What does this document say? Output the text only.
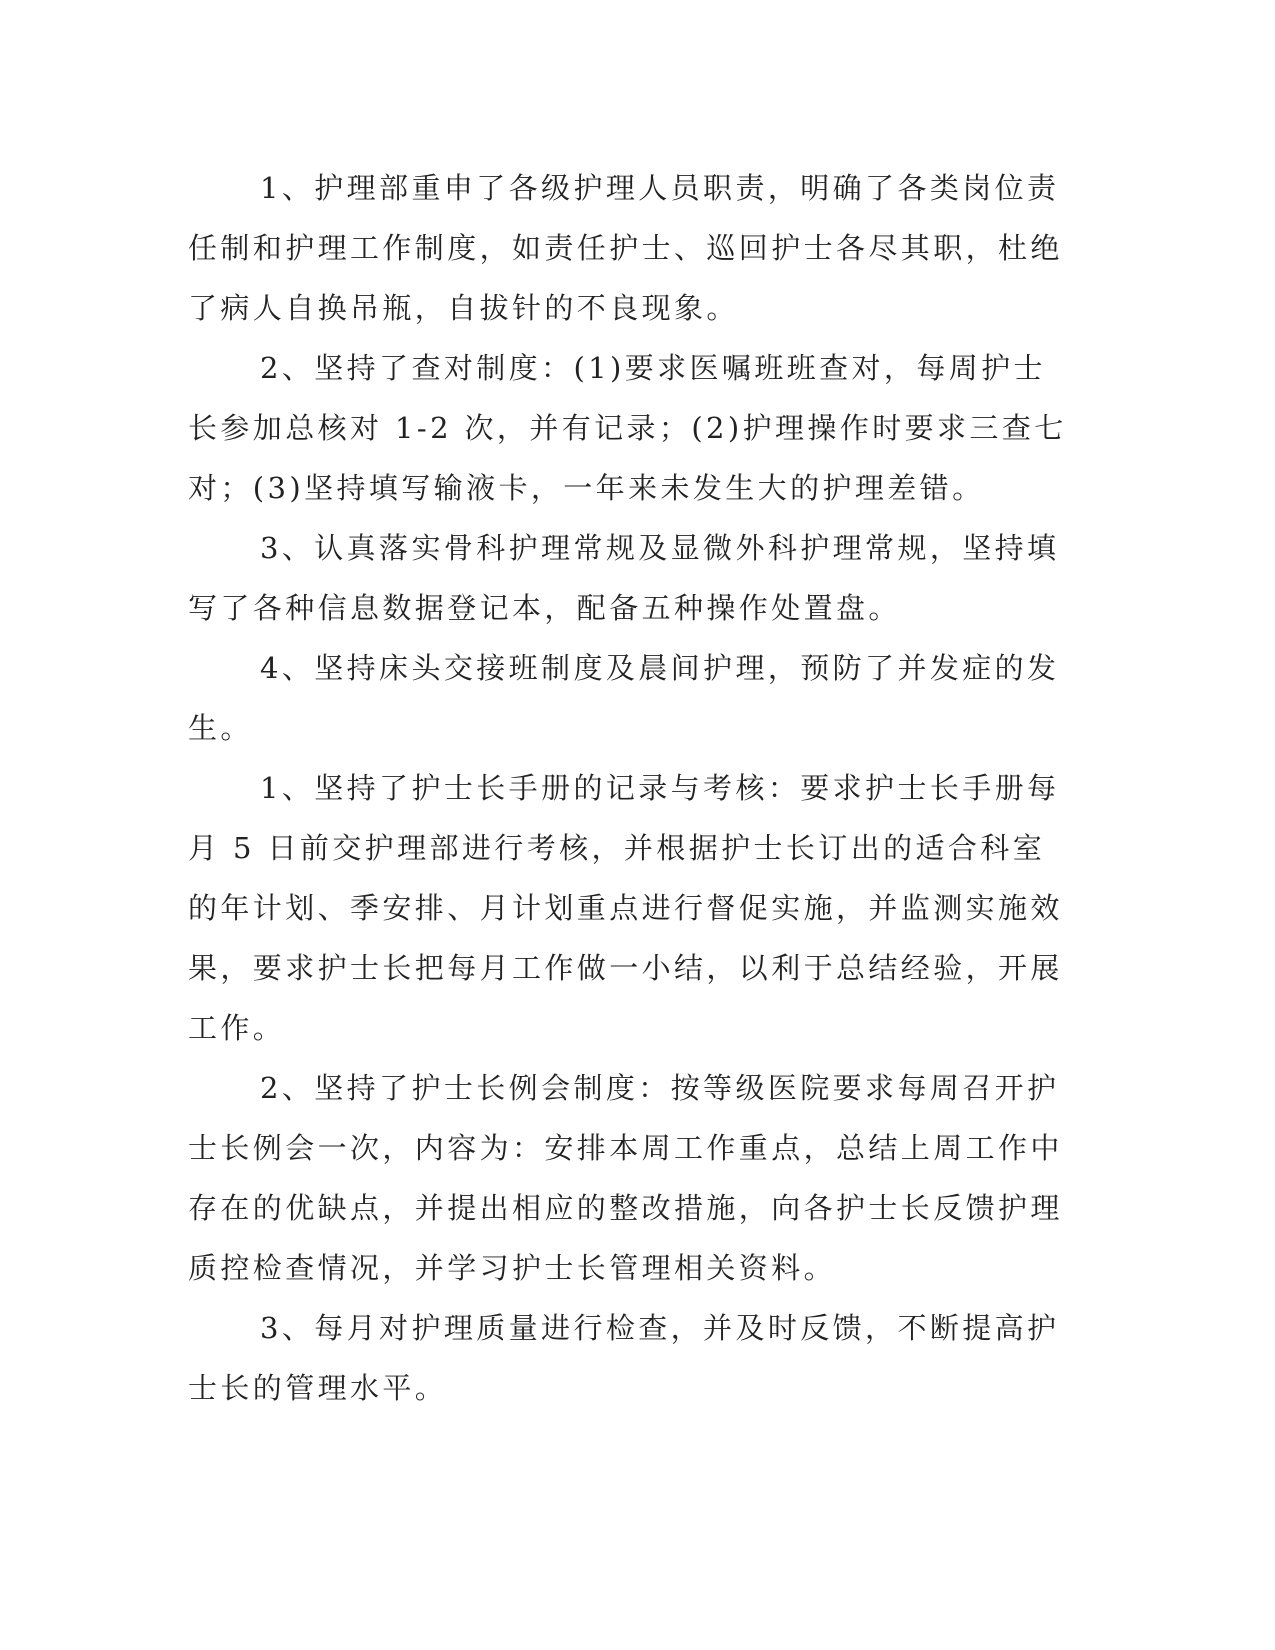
1、护理部重申了各级护理人员职责，明确了各类岗位责任制和护理工作制度，如责任护士、巡回护士各尽其职，杜绝了病人自换吊瓶，自拔针的不良现象。

2、坚持了查对制度：(1)要求医嘱班班查对，每周护士长参加总核对 1-2 次，并有记录；(2)护理操作时要求三查七对；(3)坚持填写输液卡，一年来未发生大的护理差错。

3、认真落实骨科护理常规及显微外科护理常规，坚持填写了各种信息数据登记本，配备五种操作处置盘。

4、坚持床头交接班制度及晨间护理，预防了并发症的发生。

1、坚持了护士长手册的记录与考核：要求护士长手册每月 5 日前交护理部进行考核，并根据护士长订出的适合科室的年计划、季安排、月计划重点进行督促实施，并监测实施效果，要求护士长把每月工作做一小结，以利于总结经验，开展工作。

2、坚持了护士长例会制度：按等级医院要求每周召开护士长例会一次，内容为：安排本周工作重点，总结上周工作中存在的优缺点，并提出相应的整改措施，向各护士长反馈护理质控检查情况，并学习护士长管理相关资料。

3、每月对护理质量进行检查，并及时反馈，不断提高护士长的管理水平。
